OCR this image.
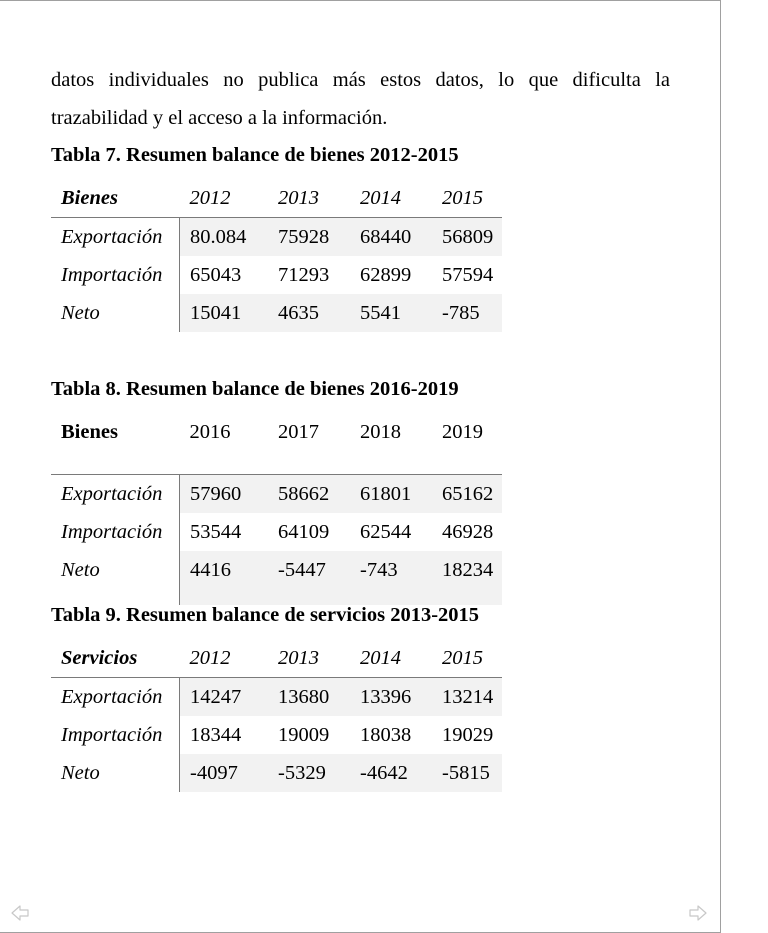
datos individuales no publica más estos datos, lo que dificulta la
trazabilidad y el acceso a la información.

Tabla 7. Resumen balance de bienes 2012-2015
Bienes	2012	2013	2014	2015
Exportación	80.084	75928	68440	56809
Importación	65043	71293	62899	57594
Neto	15041	4635	5541	-785
Tabla 8. Resumen balance de bienes 2016-2019
Bienes	2016	2017	2018	2019
Exportación	57960	58662	61801	65162
Importación	53544	64109	62544	46928
Neto	4416	-5447	-743	18234

Tabla 9. Resumen balance de servicios 2013-2015
Servicios	2012	2013	2014	2015
Exportación	14247	13680	13396	13214
Importación	18344	19009	18038	19029
Neto	-4097	-5329	-4642	-5815
